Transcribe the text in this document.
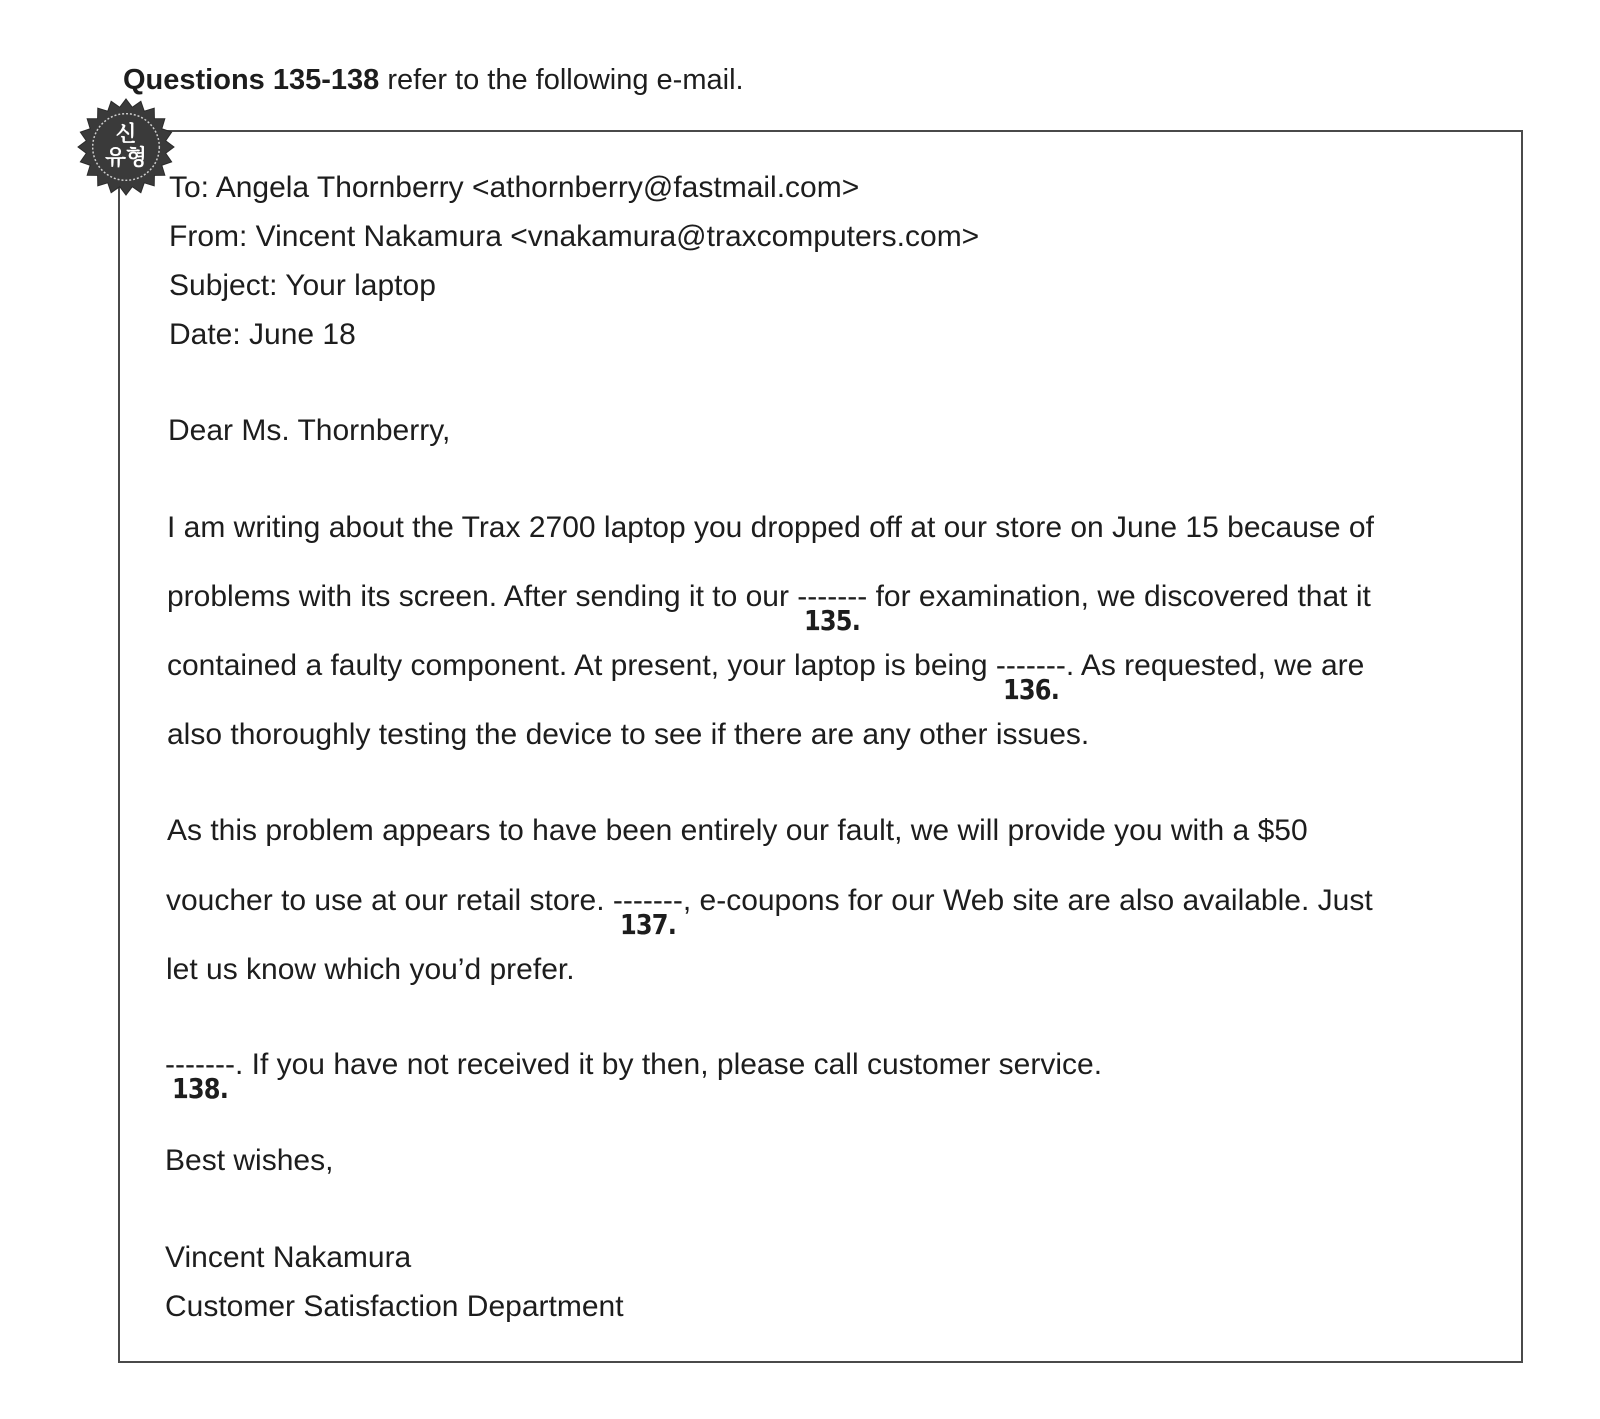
Questions 135-138 refer to the following e-mail.
신
유형
To: Angela Thornberry <athornberry@fastmail.com>
From: Vincent Nakamura <vnakamura@traxcomputers.com>
Subject: Your laptop
Date: June 18
Dear Ms. Thornberry,
I am writing about the Trax 2700 laptop you dropped off at our store on June 15 because of
problems with its screen. After sending it to our -------
135.
for examination, we discovered that it
contained a faulty component. At present, your laptop is being -------
136.
. As requested, we are
also thoroughly testing the device to see if there are any other issues.
As this problem appears to have been entirely our fault, we will provide you with a $50
voucher to use at our retail store. -------
137.
, e-coupons for our Web site are also available. Just
let us know which you’d prefer.
-------
138.
. If you have not received it by then, please call customer service.
Best wishes,
Vincent Nakamura
Customer Satisfaction Department
